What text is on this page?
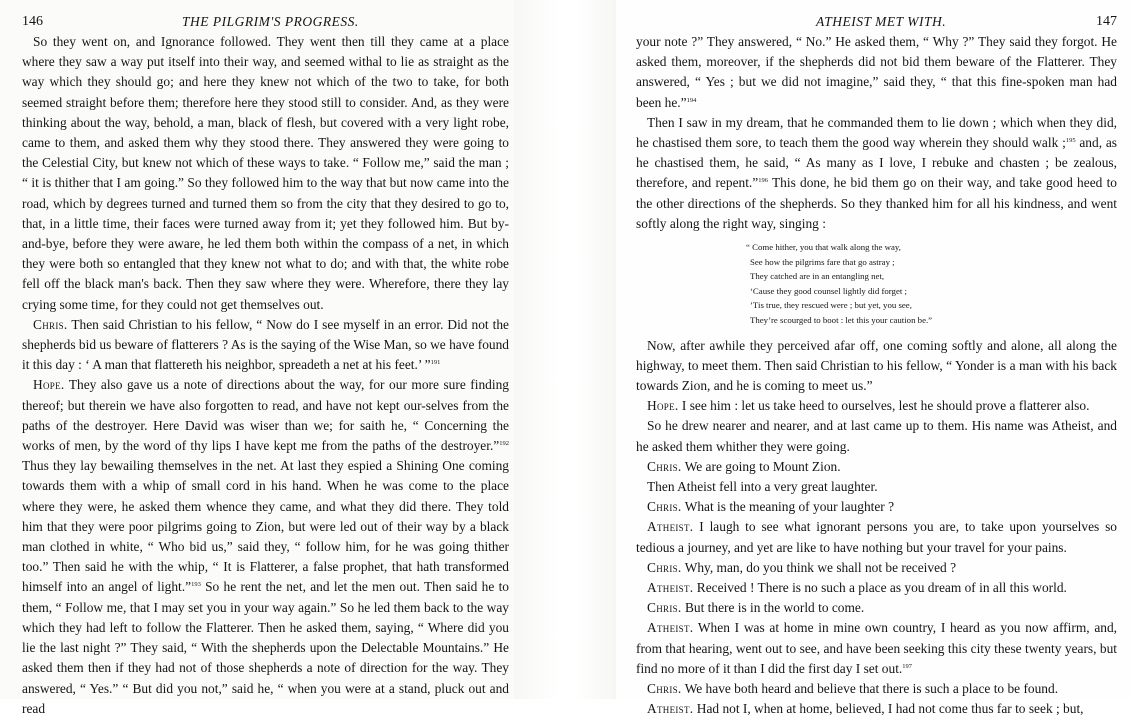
146	THE PILGRIM'S PROGRESS.

So they went on, and Ignorance followed. They went then till they came at a place where they saw a way put itself into their way, and seemed withal to lie as straight as the way which they should go; and here they knew not which of the two to take, for both seemed straight before them; therefore here they stood still to consider. And, as they were thinking about the way, behold, a man, black of flesh, but covered with a very light robe, came to them, and asked them why they stood there. They answered they were going to the Celestial City, but knew not which of these ways to take. “ Follow me,” said the man ; “ it is thither that I am going.” So they followed him to the way that but now came into the road, which by degrees turned and turned them so from the city that they desired to go to, that, in a little time, their faces were turned away from it; yet they followed him. But by-and-bye, before they were aware, he led them both within the compass of a net, in which they were both so entangled that they knew not what to do; and with that, the white robe fell off the black man's back. Then they saw where they were. Wherefore, there they lay crying some time, for they could not get themselves out.

Chris. Then said Christian to his fellow, “ Now do I see myself in an error. Did not the shepherds bid us beware of flatterers ? As is the saying of the Wise Man, so we have found it this day : ‘ A man that flattereth his neighbor, spreadeth a net at his feet.’ ”$^{191}$

Hope. They also gave us a note of directions about the way, for our more sure finding thereof; but therein we have also forgotten to read, and have not kept our-selves from the paths of the destroyer. Here David was wiser than we; for saith he, “ Concerning the works of men, by the word of thy lips I have kept me from the paths of the destroyer.”$^{192}$ Thus they lay bewailing themselves in the net. At last they espied a Shining One coming towards them with a whip of small cord in his hand. When he was come to the place where they were, he asked them whence they came, and what they did there. They told him that they were poor pilgrims going to Zion, but were led out of their way by a black man clothed in white, “ Who bid us,” said they, “ follow him, for he was going thither too.” Then said he with the whip, “ It is Flatterer, a false prophet, that hath transformed himself into an angel of light.”$^{193}$ So he rent the net, and let the men out. Then said he to them, “ Follow me, that I may set you in your way again.” So he led them back to the way which they had left to follow the Flatterer. Then he asked them, saying, “ Where did you lie the last night ?” They said, “ With the shepherds upon the Delectable Mountains.” He asked them then if they had not of those shepherds a note of direction for the way. They answered, “ Yes.” “ But did you not,” said he, “ when you were at a stand, pluck out and read

ATHEIST MET WITH.	147

your note ?” They answered, “ No.” He asked them, “ Why ?” They said they forgot. He asked them, moreover, if the shepherds did not bid them beware of the Flatterer. They answered, “ Yes ; but we did not imagine,” said they, “ that this fine-spoken man had been he.”$^{194}$

Then I saw in my dream, that he commanded them to lie down ; which when they did, he chastised them sore, to teach them the good way wherein they should walk ;$^{195}$ and, as he chastised them, he said, “ As many as I love, I rebuke and chasten ; be zealous, therefore, and repent.”$^{196}$ This done, he bid them go on their way, and take good heed to the other directions of the shepherds. So they thanked him for all his kindness, and went softly along the right way, singing :

“ Come hither, you that walk along the way,
See how the pilgrims fare that go astray ;
They catched are in an entangling net,
‘Cause they good counsel lightly did forget ;
’Tis true, they rescued were ; but yet, you see,
They’re scourged to boot : let this your caution be.”

Now, after awhile they perceived afar off, one coming softly and alone, all along the highway, to meet them. Then said Christian to his fellow, “ Yonder is a man with his back towards Zion, and he is coming to meet us.”

Hope. I see him : let us take heed to ourselves, lest he should prove a flatterer also.

So he drew nearer and nearer, and at last came up to them. His name was Atheist, and he asked them whither they were going.

Chris. We are going to Mount Zion.

Then Atheist fell into a very great laughter.

Chris. What is the meaning of your laughter ?

Atheist. I laugh to see what ignorant persons you are, to take upon yourselves so tedious a journey, and yet are like to have nothing but your travel for your pains.

Chris. Why, man, do you think we shall not be received ?

Atheist. Received ! There is no such a place as you dream of in all this world.

Chris. But there is in the world to come.

Atheist. When I was at home in mine own country, I heard as you now affirm, and, from that hearing, went out to see, and have been seeking this city these twenty years, but find no more of it than I did the first day I set out.$^{197}$

Chris. We have both heard and believe that there is such a place to be found.

Atheist. Had not I, when at home, believed, I had not come thus far to seek ; but,
